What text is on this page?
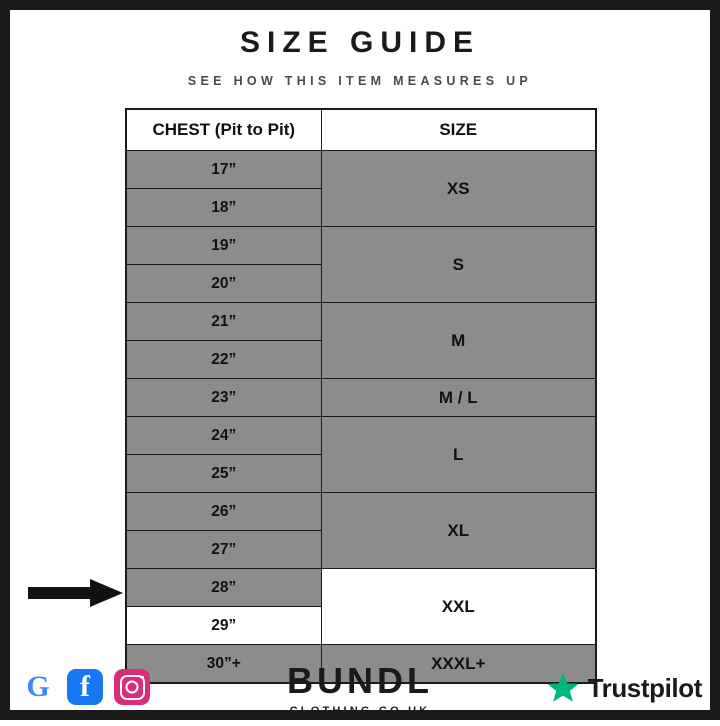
SIZE GUIDE
SEE HOW THIS ITEM MEASURES UP
CHEST (Pit to Pit)	SIZE
17”	XS
18”	
19”	S
20”	
21”	M
22”	
23”	M / L
24”	L
25”	
26”	XL
27”	
28”	XXL
29”	
30”+	XXXL+
G f	BUNDL
CLOTHING.CO.UK
Trustpilot
